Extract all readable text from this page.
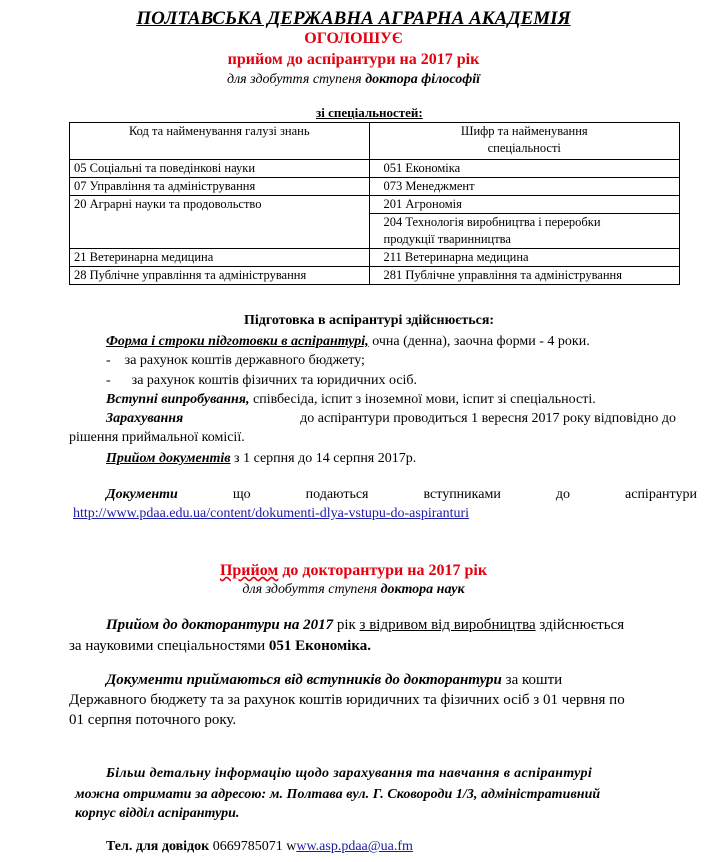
ПОЛТАВСЬКА ДЕРЖАВНА АГРАРНА АКАДЕМІЯ
ОГОЛОШУЄ
прийом до аспірантури на 2017 рік
для здобуття ступеня доктора філософії
зі спеціальностей:
Код та найменування галузі знань	Шифр та найменування
спеціальності

05 Соціальні та поведінкові науки	051 Економіка
07 Управління та адміністрування	073 Менеджмент
20 Аграрні науки та продовольство	201 Агрономія

	204 Технологія виробництва і переробки
продукції тваринництва

21 Ветеринарна медицина	211 Ветеринарна медицина
28 Публічне управління та адміністрування	281 Публічне управління та адміністрування
Підготовка в аспірантурі здійснюється:
Форма і строки підготовки в аспірантурі, очна (денна), заочна форми - 4 роки.
-    за рахунок коштів державного бюджету;
-      за рахунок коштів фізичних та юридичних осіб.
Вступні випробування, співбесіда, іспит з іноземної мови, іспит зі спеціальності.
Зарахування	до аспірантури проводиться 1 вересня 2017 року відповідно до
рішення приймальної комісії.
Прийом документів з 1 серпня до 14 серпня 2017р.
Документи	що	подаються	вступниками	до	аспірантури
http://www.pdaa.edu.ua/content/dokumenti-dlya-vstupu-do-aspiranturi
Прийом до докторантури на 2017 рік
для здобуття ступеня доктора наук
Прийом до докторантури на 2017 рік з відривом від виробництва здійснюється
за науковими спеціальностями 051 Економіка.
Документи приймаються від вступників до докторантури за кошти
Державного бюджету та за рахунок коштів юридичних та фізичних осіб з 01 червня по
01 серпня поточного року.
Більш детальну інформацію щодо зарахування та навчання в аспірантурі
можна отримати за адресою: м. Полтава вул. Г. Сковороди 1/3, адміністративний
корпус відділ аспірантури.
Тел. для довідок 0669785071 www.asp.pdaa@ua.fm
